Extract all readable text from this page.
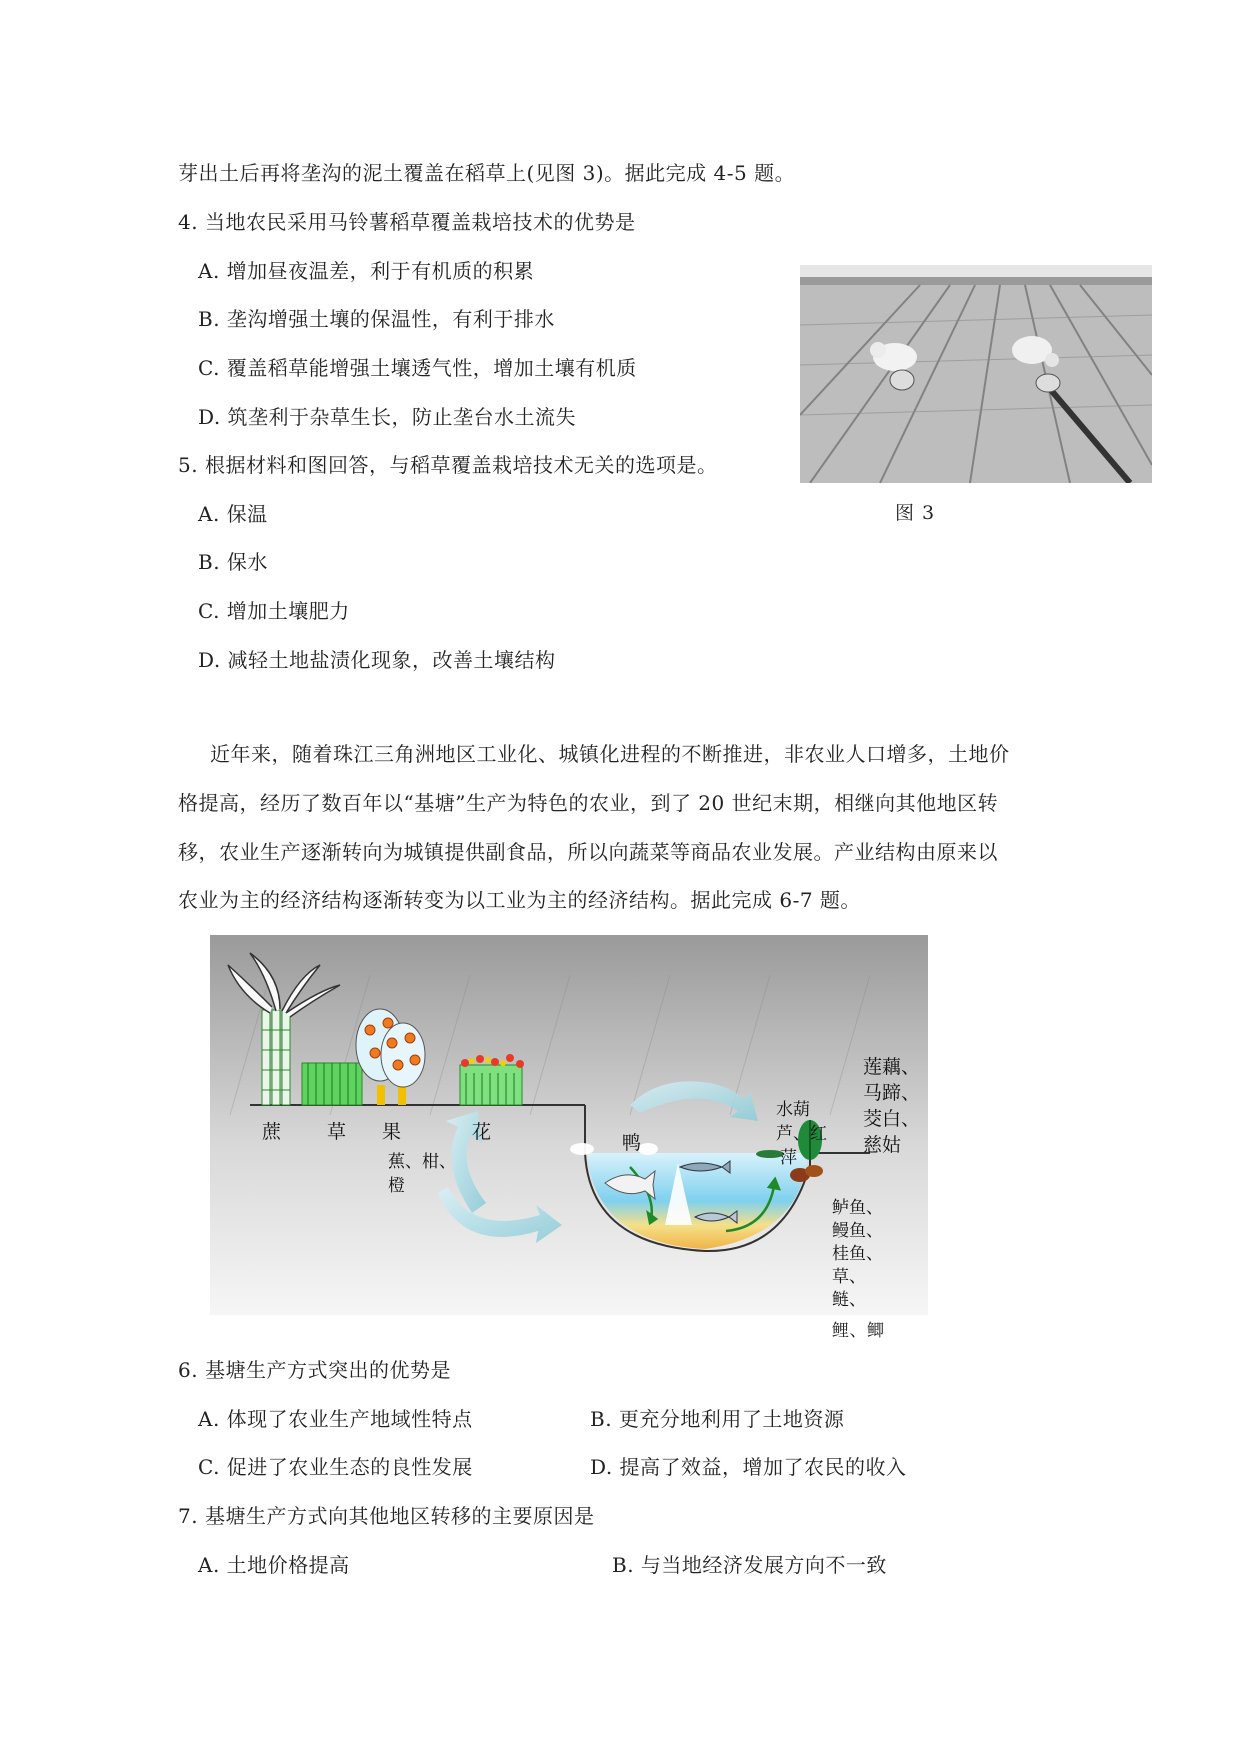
芽出土后再将垄沟的泥土覆盖在稻草上(见图 3)。据此完成 4-5 题。
4. 当地农民采用马铃薯稻草覆盖栽培技术的优势是
A. 增加昼夜温差，利于有机质的积累
B. 垄沟增强土壤的保温性，有利于排水
C. 覆盖稻草能增强土壤透气性，增加土壤有机质
D. 筑垄利于杂草生长，防止垄台水土流失
5. 根据材料和图回答，与稻草覆盖栽培技术无关的选项是。
A. 保温
B. 保水
C. 增加土壤肥力
D. 减轻土地盐渍化现象，改善土壤结构
图 3
近年来，随着珠江三角洲地区工业化、城镇化进程的不断推进，非农业人口增多，土地价
格提高，经历了数百年以“基塘”生产为特色的农业，到了 20 世纪末期，相继向其他地区转
移，农业生产逐渐转向为城镇提供副食品，所以向蔬菜等商品农业发展。产业结构由原来以
农业为主的经济结构逐渐转变为以工业为主的经济结构。据此完成 6-7 题。
蔗 草 果	花
蕉、柑、
橙
鸭
水葫
芦、红
萍
莲藕、
马蹄、
茭白、
慈姑
鲈鱼、
鳗鱼、
桂鱼、
草、
鲢、
鲤、鲫
6. 基塘生产方式突出的优势是
A. 体现了农业生产地域性特点	B. 更充分地利用了土地资源
C. 促进了农业生态的良性发展	D. 提高了效益，增加了农民的收入
7. 基塘生产方式向其他地区转移的主要原因是
A. 土地价格提高	B. 与当地经济发展方向不一致
